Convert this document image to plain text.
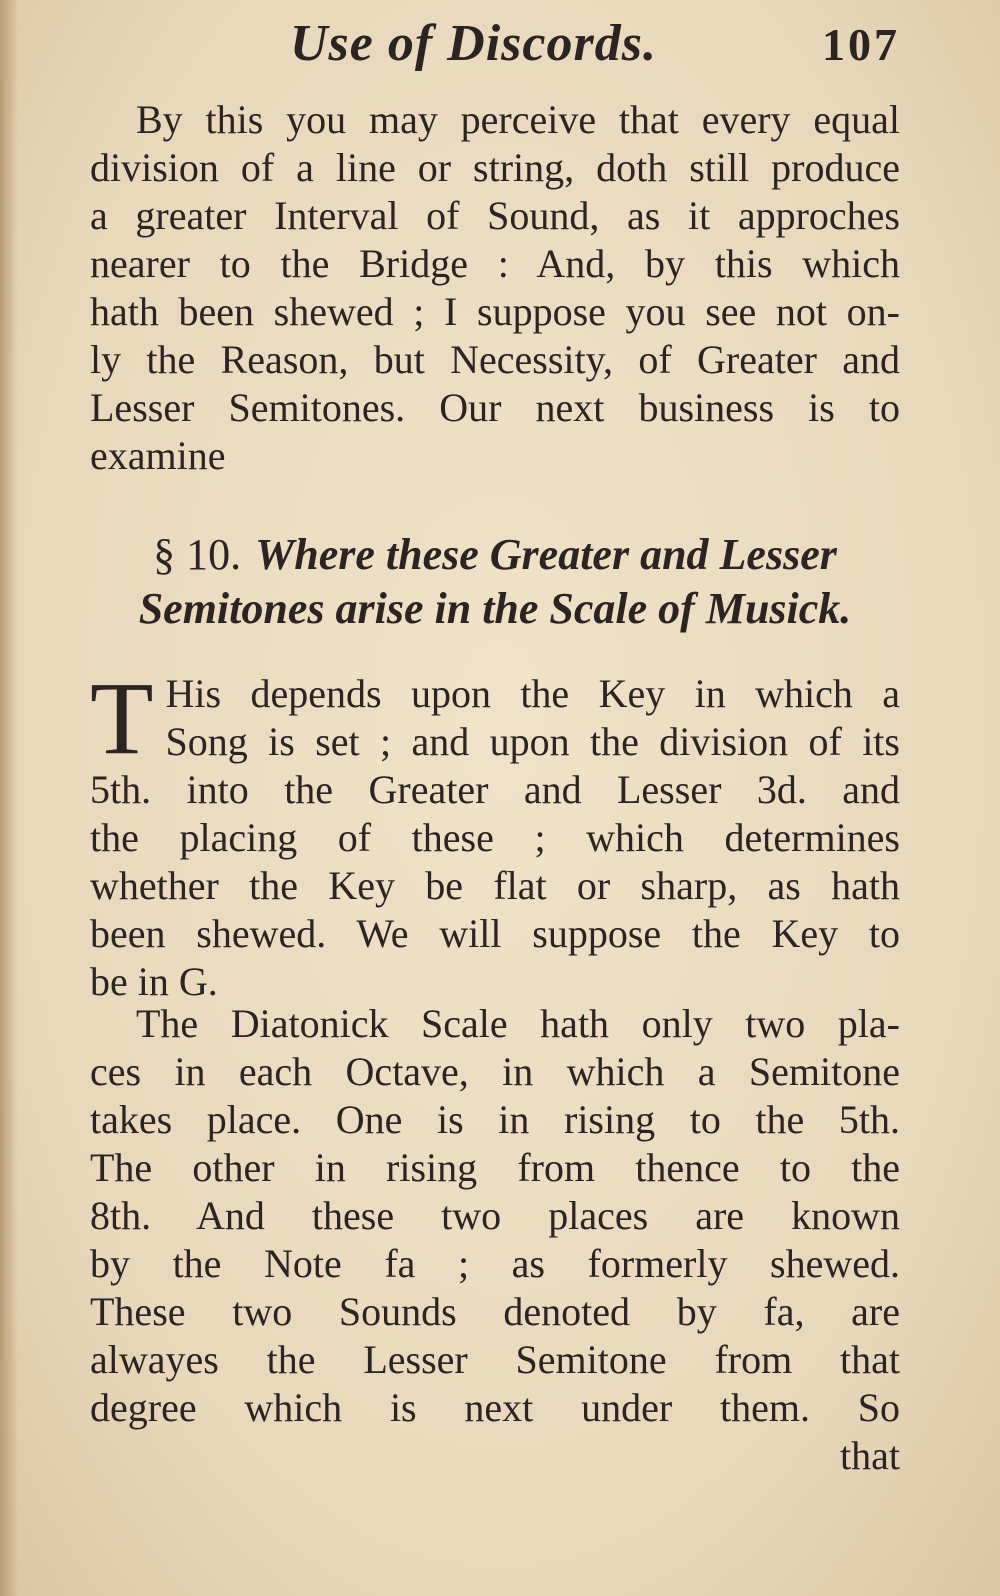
Use of Discords.	107
By this you may perceive that every equal
division of a line or string, doth still produce
a greater Interval of Sound, as it approches
nearer to the Bridge : And, by this which
hath been shewed ; I suppose you see not on-
ly the Reason, but Necessity, of Greater and
Lesser Semitones. Our next business is to
examine
§ 10. Where these Greater and Lesser
Semitones arise in the Scale of Musick.
T His depends upon the Key in which a
Song is set ; and upon the division of its
5th. into the Greater and Lesser 3d. and
the placing of these ; which determines
whether the Key be flat or sharp, as hath
been shewed. We will suppose the Key to
be in G.
The Diatonick Scale hath only two pla-
ces in each Octave, in which a Semitone
takes place. One is in rising to the 5th.
The other in rising from thence to the
8th. And these two places are known
by the Note fa ; as formerly shewed.
These two Sounds denoted by fa, are
alwayes the Lesser Semitone from that
degree which is next under them. So
that
